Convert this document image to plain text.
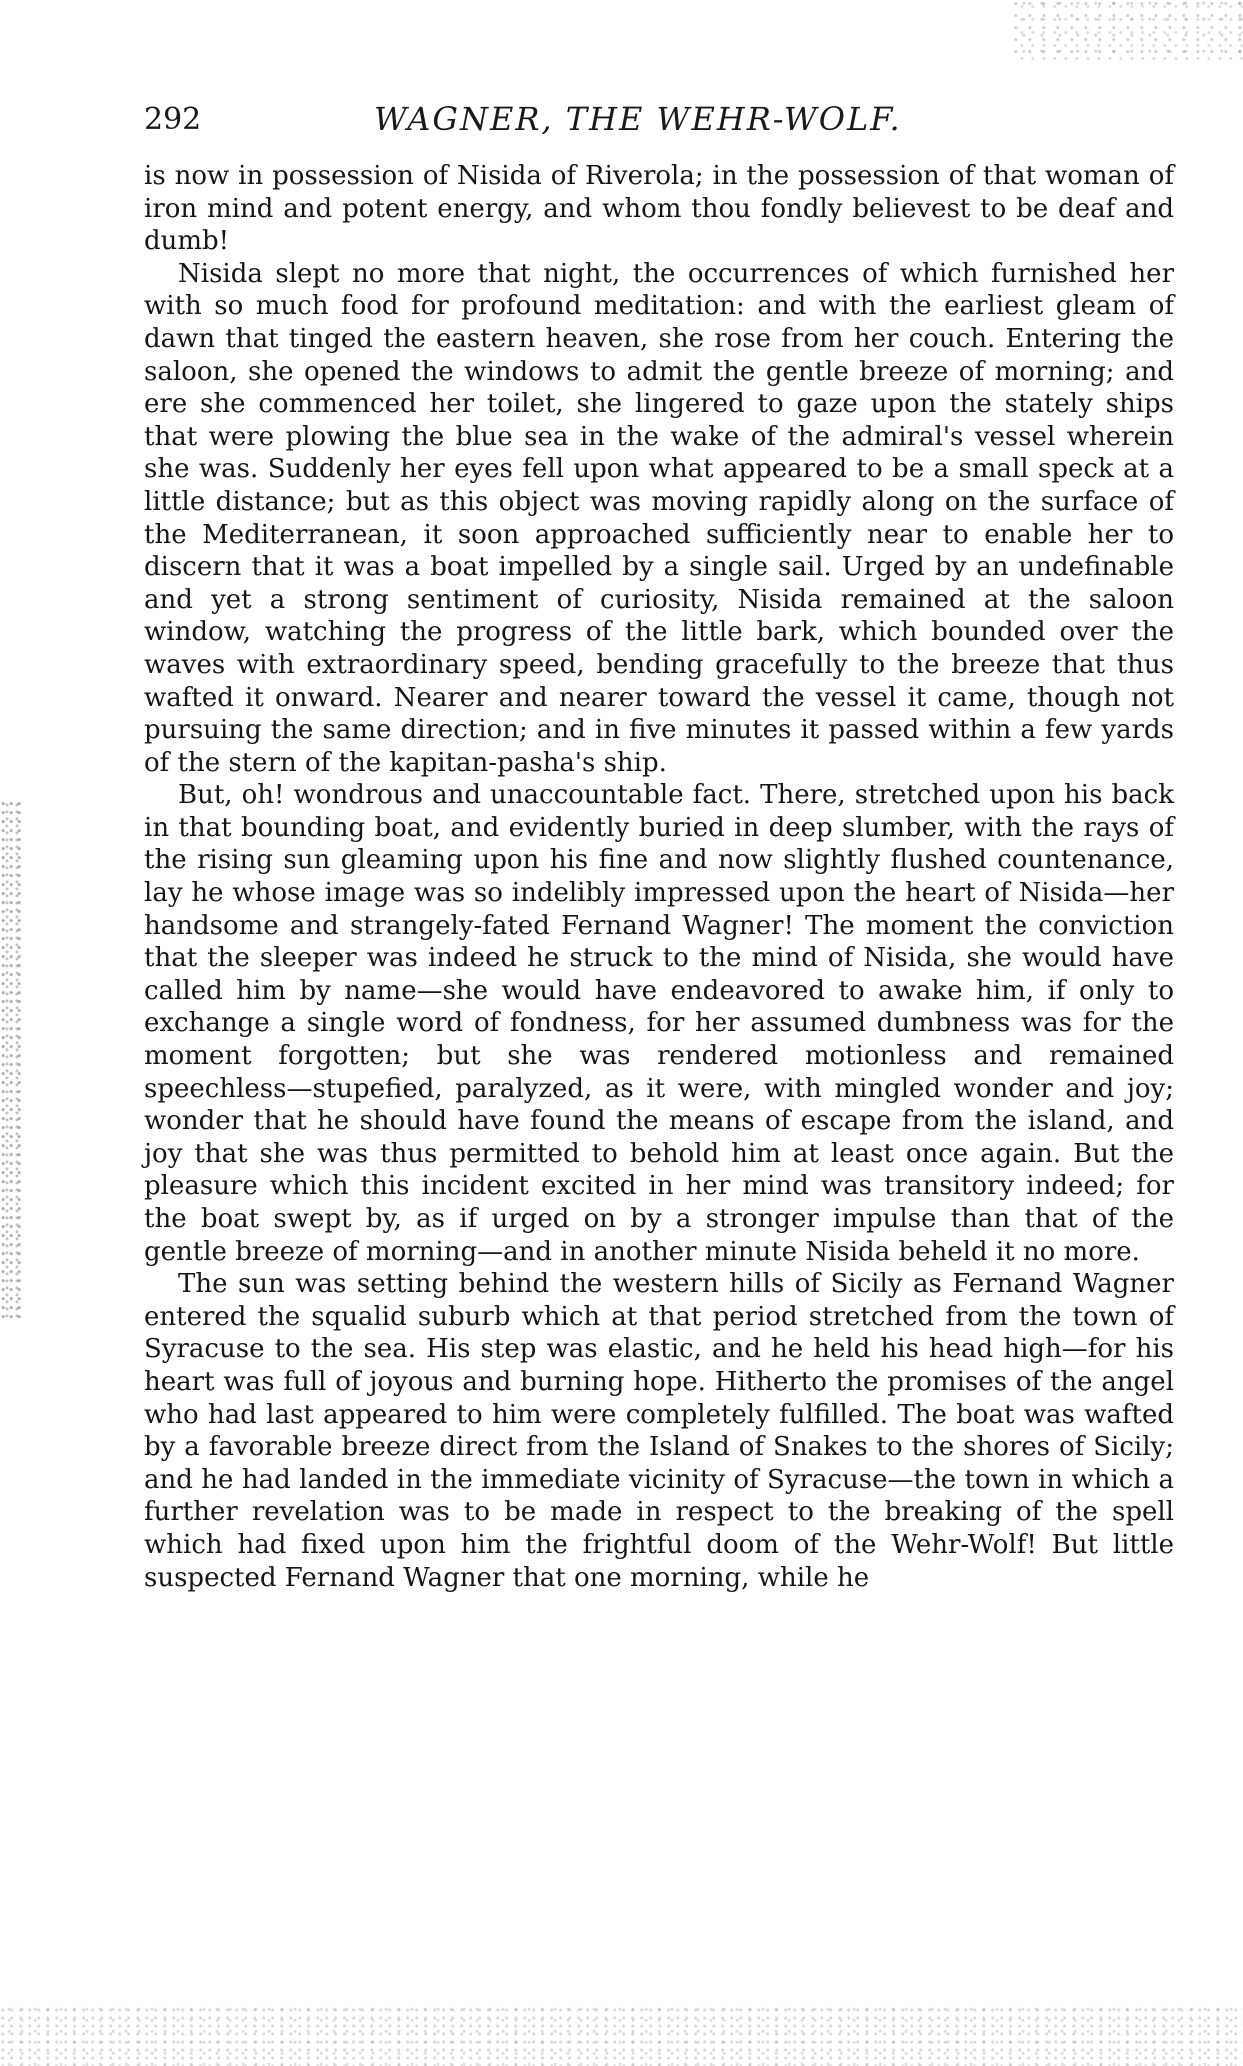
292	WAGNER, THE WEHR-WOLF.

is now in possession of Nisida of Riverola; in the possession of that woman of iron mind and potent energy, and whom thou fondly believest to be deaf and dumb!

Nisida slept no more that night, the occurrences of which furnished her with so much food for profound meditation: and with the earliest gleam of dawn that tinged the eastern heaven, she rose from her couch. Entering the saloon, she opened the windows to admit the gentle breeze of morning; and ere she commenced her toilet, she lingered to gaze upon the stately ships that were plowing the blue sea in the wake of the admiral's vessel wherein she was. Suddenly her eyes fell upon what appeared to be a small speck at a little distance; but as this object was moving rapidly along on the surface of the Mediterranean, it soon approached sufficiently near to enable her to discern that it was a boat impelled by a single sail. Urged by an undefinable and yet a strong sentiment of curiosity, Nisida remained at the saloon window, watching the progress of the little bark, which bounded over the waves with extraordinary speed, bending gracefully to the breeze that thus wafted it onward. Nearer and nearer toward the vessel it came, though not pursuing the same direction; and in five minutes it passed within a few yards of the stern of the kapitan-pasha's ship.

But, oh! wondrous and unaccountable fact. There, stretched upon his back in that bounding boat, and evidently buried in deep slumber, with the rays of the rising sun gleaming upon his fine and now slightly flushed countenance, lay he whose image was so indelibly impressed upon the heart of Nisida—her handsome and strangely-fated Fernand Wagner! The moment the conviction that the sleeper was indeed he struck to the mind of Nisida, she would have called him by name—she would have endeavored to awake him, if only to exchange a single word of fondness, for her assumed dumbness was for the moment forgotten; but she was rendered motionless and remained speechless—stupefied, paralyzed, as it were, with mingled wonder and joy; wonder that he should have found the means of escape from the island, and joy that she was thus permitted to behold him at least once again. But the pleasure which this incident excited in her mind was transitory indeed; for the boat swept by, as if urged on by a stronger impulse than that of the gentle breeze of morning—and in another minute Nisida beheld it no more.

The sun was setting behind the western hills of Sicily as Fernand Wagner entered the squalid suburb which at that period stretched from the town of Syracuse to the sea. His step was elastic, and he held his head high—for his heart was full of joyous and burning hope. Hitherto the promises of the angel who had last appeared to him were completely fulfilled. The boat was wafted by a favorable breeze direct from the Island of Snakes to the shores of Sicily; and he had landed in the immediate vicinity of Syracuse—the town in which a further revelation was to be made in respect to the breaking of the spell which had fixed upon him the frightful doom of the Wehr-Wolf! But little suspected Fernand Wagner that one morning, while he
